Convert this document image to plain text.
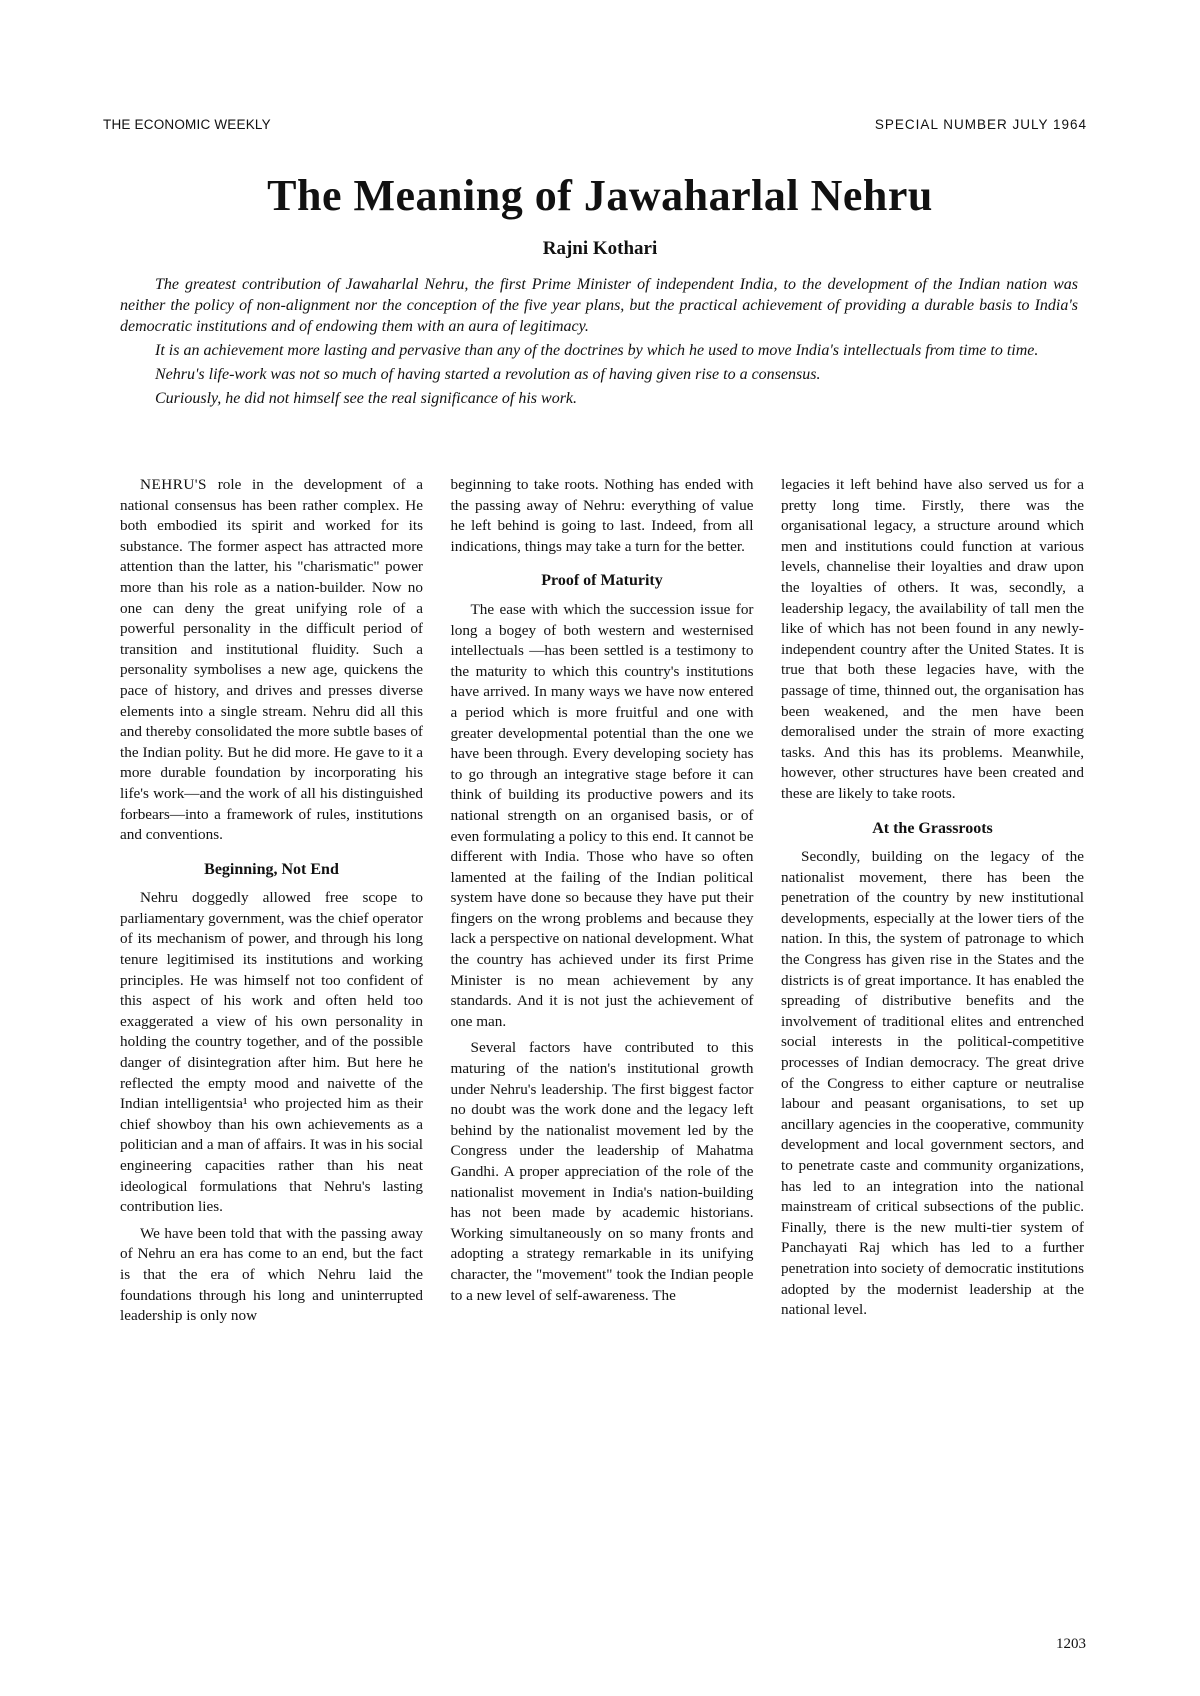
THE ECONOMIC WEEKLY	SPECIAL NUMBER JULY 1964
The Meaning of Jawaharlal Nehru
Rajni Kothari

The greatest contribution of Jawaharlal Nehru, the first Prime Minister of independent India, to the development of the Indian nation was neither the policy of non-alignment nor the conception of the five year plans, but the practical achievement of providing a durable basis to India's democratic institutions and of endowing them with an aura of legitimacy.

It is an achievement more lasting and pervasive than any of the doctrines by which he used to move India's intellectuals from time to time.

Nehru's life-work was not so much of having started a revolution as of having given rise to a consensus.

Curiously, he did not himself see the real significance of his work.

NEHRU'S role in the development of a national consensus has been rather complex. He both embodied its spirit and worked for its substance. The former aspect has attracted more attention than the latter, his "charismatic" power more than his role as a nation-builder. Now no one can deny the great unifying role of a powerful personality in the difficult period of transition and institutional fluidity. Such a personality symbolises a new age, quickens the pace of history, and drives and presses diverse elements into a single stream. Nehru did all this and thereby consolidated the more subtle bases of the Indian polity. But he did more. He gave to it a more durable foundation by incorporating his life's work—and the work of all his distinguished forbears—into a framework of rules, institutions and conventions.

Beginning, Not End

Nehru doggedly allowed free scope to parliamentary government, was the chief operator of its mechanism of power, and through his long tenure legitimised its institutions and working principles. He was himself not too confident of this aspect of his work and often held too exaggerated a view of his own personality in holding the country together, and of the possible danger of disintegration after him. But here he reflected the empty mood and naivette of the Indian intelligentsia¹ who projected him as their chief showboy than his own achievements as a politician and a man of affairs. It was in his social engineering capacities rather than his neat ideological formulations that Nehru's lasting contribution lies.

We have been told that with the passing away of Nehru an era has come to an end, but the fact is that the era of which Nehru laid the foundations through his long and uninterrupted leadership is only now

beginning to take roots. Nothing has ended with the passing away of Nehru: everything of value he left behind is going to last. Indeed, from all indications, things may take a turn for the better.

Proof of Maturity

The ease with which the succession issue for long a bogey of both western and westernised intellectuals —has been settled is a testimony to the maturity to which this country's institutions have arrived. In many ways we have now entered a period which is more fruitful and one with greater developmental potential than the one we have been through. Every developing society has to go through an integrative stage before it can think of building its productive powers and its national strength on an organised basis, or of even formulating a policy to this end. It cannot be different with India. Those who have so often lamented at the failing of the Indian political system have done so because they have put their fingers on the wrong problems and because they lack a perspective on national development. What the country has achieved under its first Prime Minister is no mean achievement by any standards. And it is not just the achievement of one man.

Several factors have contributed to this maturing of the nation's institutional growth under Nehru's leadership. The first biggest factor no doubt was the work done and the legacy left behind by the nationalist movement led by the Congress under the leadership of Mahatma Gandhi. A proper appreciation of the role of the nationalist movement in India's nation-building has not been made by academic historians. Working simultaneously on so many fronts and adopting a strategy remarkable in its unifying character, the "movement" took the Indian people to a new level of self-awareness. The

legacies it left behind have also served us for a pretty long time. Firstly, there was the organisational legacy, a structure around which men and institutions could function at various levels, channelise their loyalties and draw upon the loyalties of others. It was, secondly, a leadership legacy, the availability of tall men the like of which has not been found in any newly-independent country after the United States. It is true that both these legacies have, with the passage of time, thinned out, the organisation has been weakened, and the men have been demoralised under the strain of more exacting tasks. And this has its problems. Meanwhile, however, other structures have been created and these are likely to take roots.

At the Grassroots

Secondly, building on the legacy of the nationalist movement, there has been the penetration of the country by new institutional developments, especially at the lower tiers of the nation. In this, the system of patronage to which the Congress has given rise in the States and the districts is of great importance. It has enabled the spreading of distributive benefits and the involvement of traditional elites and entrenched social interests in the political-competitive processes of Indian democracy. The great drive of the Congress to either capture or neutralise labour and peasant organisations, to set up ancillary agencies in the cooperative, community development and local government sectors, and to penetrate caste and community organizations, has led to an integration into the national mainstream of critical subsections of the public. Finally, there is the new multi-tier system of Panchayati Raj which has led to a further penetration into society of democratic institutions adopted by the modernist leadership at the national level.

1203
